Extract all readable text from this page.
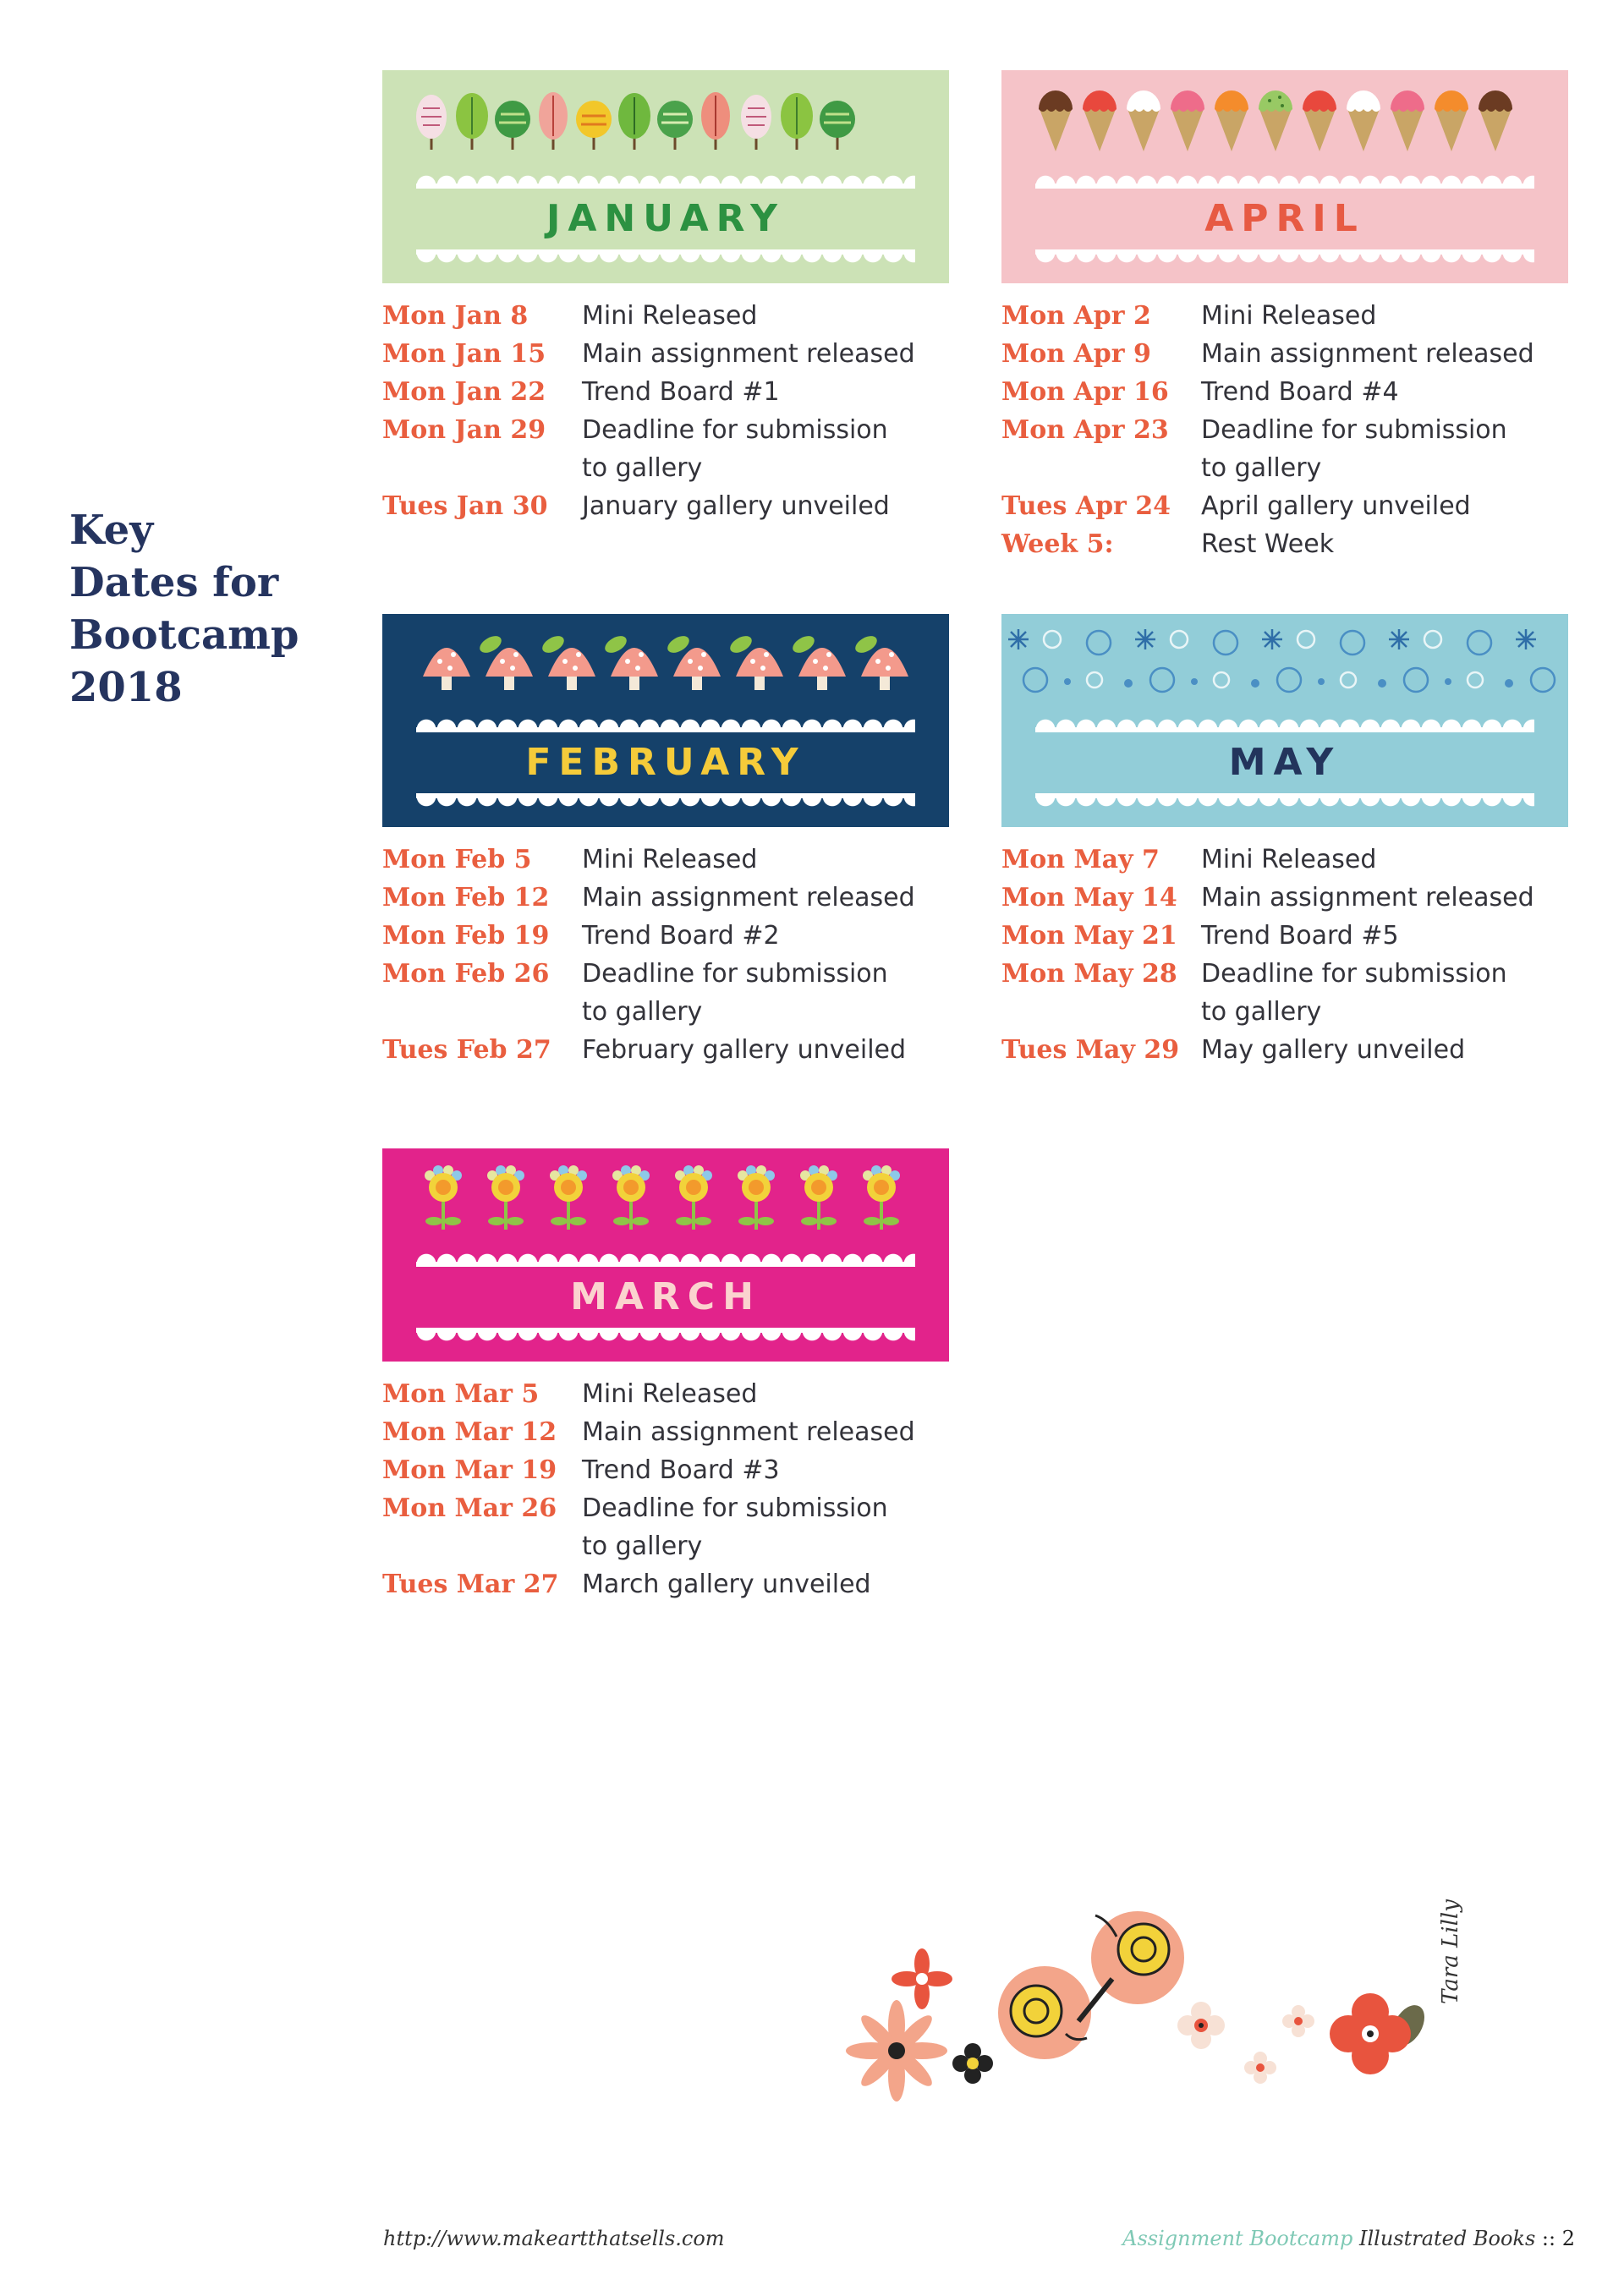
Key
Dates for
Bootcamp
2018
JANUARY
Mon Jan 8	Mini Released
Mon Jan 15	Main assignment released
Mon Jan 22	Trend Board #1
Mon Jan 29	Deadline for submission
to gallery
Tues Jan 30	January gallery unveiled
FEBRUARY
Mon Feb 5	Mini Released
Mon Feb 12	Main assignment released
Mon Feb 19	Trend Board #2
Mon Feb 26	Deadline for submission
to gallery
Tues Feb 27	February gallery unveiled
MARCH
Mon Mar 5	Mini Released
Mon Mar 12 Main assignment released
Mon Mar 19 Trend Board #3
Mon Mar 26 Deadline for submission
to gallery
Tues Mar 27 March gallery unveiled
APRIL
Mon Apr 2	Mini Released
Mon Apr 9	Main assignment released
Mon Apr 16	Trend Board #4
Mon Apr 23	Deadline for submission
to gallery
Tues Apr 24	April gallery unveiled
Week 5:	Rest Week
MAY
Mon May 7	Mini Released
Mon May 14 Main assignment released
Mon May 21 Trend Board #5
Mon May 28 Deadline for submission
to gallery
Tues May 29 May gallery unveiled
Tara Lilly
http://www.makeartthatsells.com	Assignment Bootcamp Illustrated Books :: 2
